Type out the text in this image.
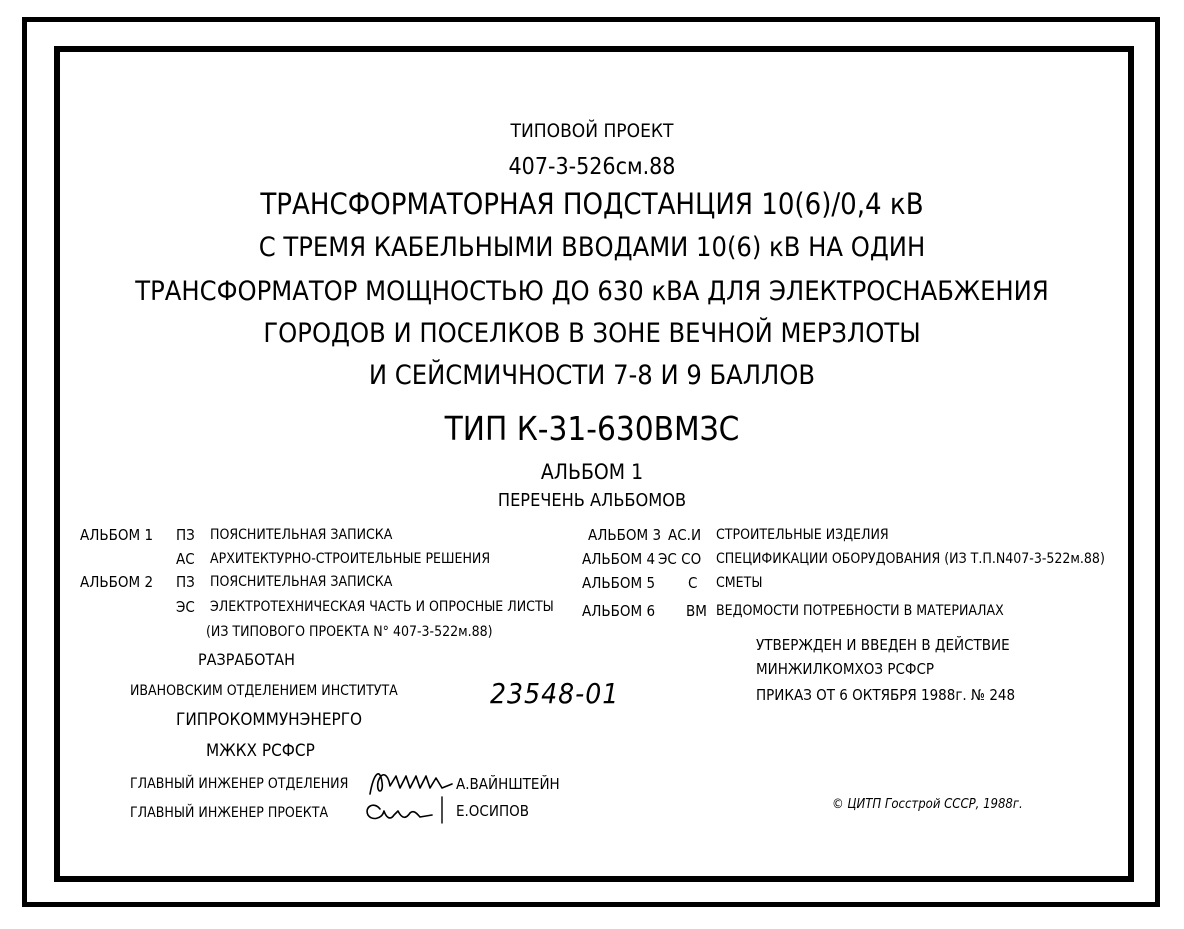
ТИПОВОЙ ПРОЕКТ
407-3-526см.88
ТРАНСФОРМАТОРНАЯ ПОДСТАНЦИЯ 10(6)/0,4 кВ
С ТРЕМЯ КАБЕЛЬНЫМИ ВВОДАМИ 10(6) кВ НА ОДИН
ТРАНСФОРМАТОР МОЩНОСТЬЮ ДО 630 кВА ДЛЯ ЭЛЕКТРОСНАБЖЕНИЯ
ГОРОДОВ И ПОСЕЛКОВ В ЗОНЕ ВЕЧНОЙ МЕРЗЛОТЫ
И СЕЙСМИЧНОСТИ 7-8 И 9 БАЛЛОВ
ТИП К-31-630ВМЗС
АЛЬБОМ 1
ПЕРЕЧЕНЬ АЛЬБОМОВ
АЛЬБОМ 1 ПЗ ПОЯСНИТЕЛЬНАЯ ЗАПИСКА
АС АРХИТЕКТУРНО-СТРОИТЕЛЬНЫЕ РЕШЕНИЯ
АЛЬБОМ 2 ПЗ ПОЯСНИТЕЛЬНАЯ ЗАПИСКА
ЭС ЭЛЕКТРОТЕХНИЧЕСКАЯ ЧАСТЬ И ОПРОСНЫЕ ЛИСТЫ
(ИЗ ТИПОВОГО ПРОЕКТА N° 407-3-522м.88)
АЛЬБОМ 3 АС.И СТРОИТЕЛЬНЫЕ ИЗДЕЛИЯ
АЛЬБОМ 4 ЭС СО СПЕЦИФИКАЦИИ ОБОРУДОВАНИЯ (ИЗ Т.П.N407-3-522м.88)
АЛЬБОМ 5 С СМЕТЫ
АЛЬБОМ 6 ВМ ВЕДОМОСТИ ПОТРЕБНОСТИ В МАТЕРИАЛАХ
РАЗРАБОТАН
ИВАНОВСКИМ ОТДЕЛЕНИЕМ ИНСТИТУТА
ГИПРОКОММУНЭНЕРГО
МЖКХ РСФСР
23548-01
УТВЕРЖДЕН И ВВЕДЕН В ДЕЙСТВИЕ
МИНЖИЛКОМХОЗ РСФСР
ПРИКАЗ ОТ 6 ОКТЯБРЯ 1988г. № 248
ГЛАВНЫЙ ИНЖЕНЕР ОТДЕЛЕНИЯ	А.ВАЙНШТЕЙН
ГЛАВНЫЙ ИНЖЕНЕР ПРОЕКТА	Е.ОСИПОВ	© ЦИТП Госстрой СССР, 1988г.
